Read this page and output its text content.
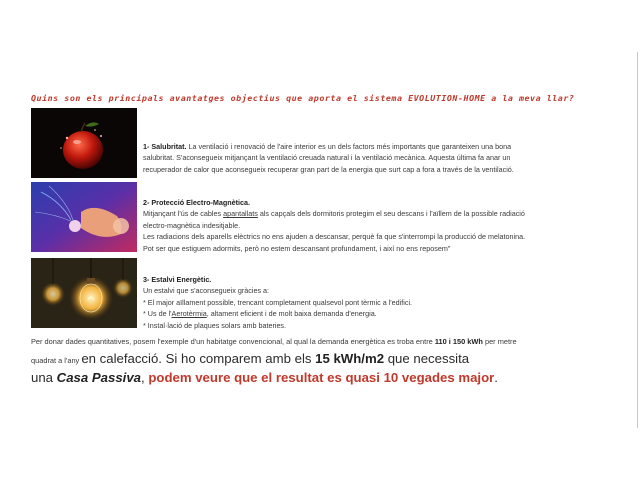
Quins son els principals avantatges objectius que aporta el sistema EVOLUTION-HOME a la meva llar?
1- Salubritat. La ventilació i renovació de l'aire interior es un dels factors més importants que garanteixen una bona
salubritat. S'aconsegueix mitjançant la ventilació creuada natural i la ventilació mecànica. Aquesta última fa anar un
recuperador de calor que aconsegueix recuperar gran part de la energia que surt cap a fora a través de la ventilació.
2- Protecció Electro-Magnètica.
Mitjançant l'ús de cables apantallats als capçals dels dormitoris protegim el seu descans i l'aïllem de la possible radiació
electro-magnètica indesitjable.
Les radiacions dels aparells elèctrics no ens ajuden a descansar, perquè fa que s'interrompi la producció de melatonina.
Pot ser que estiguem adormits, però no estem descansant profundament, i així no ens reposem"
3- Estalvi Energètic.
Un estalvi que s'aconsegueix gràcies a:
* El major aïllament possible, trencant completament qualsevol pont tèrmic a l'edifici.
* Us de l'Aerotèrmia, altament eficient i de molt baixa demanda d'energia.
* Instal·lació de plaques solars amb bateries.
Per donar dades quantitatives, posem l'exemple d'un habitatge convencional, al qual la demanda energètica es troba entre 110 i 150 kWh per metre
quadrat a l'any en calefacció. Si ho comparem amb els 15 kWh/m2 que necessita
una Casa Passiva, podem veure que el resultat es quasi 10 vegades major.
